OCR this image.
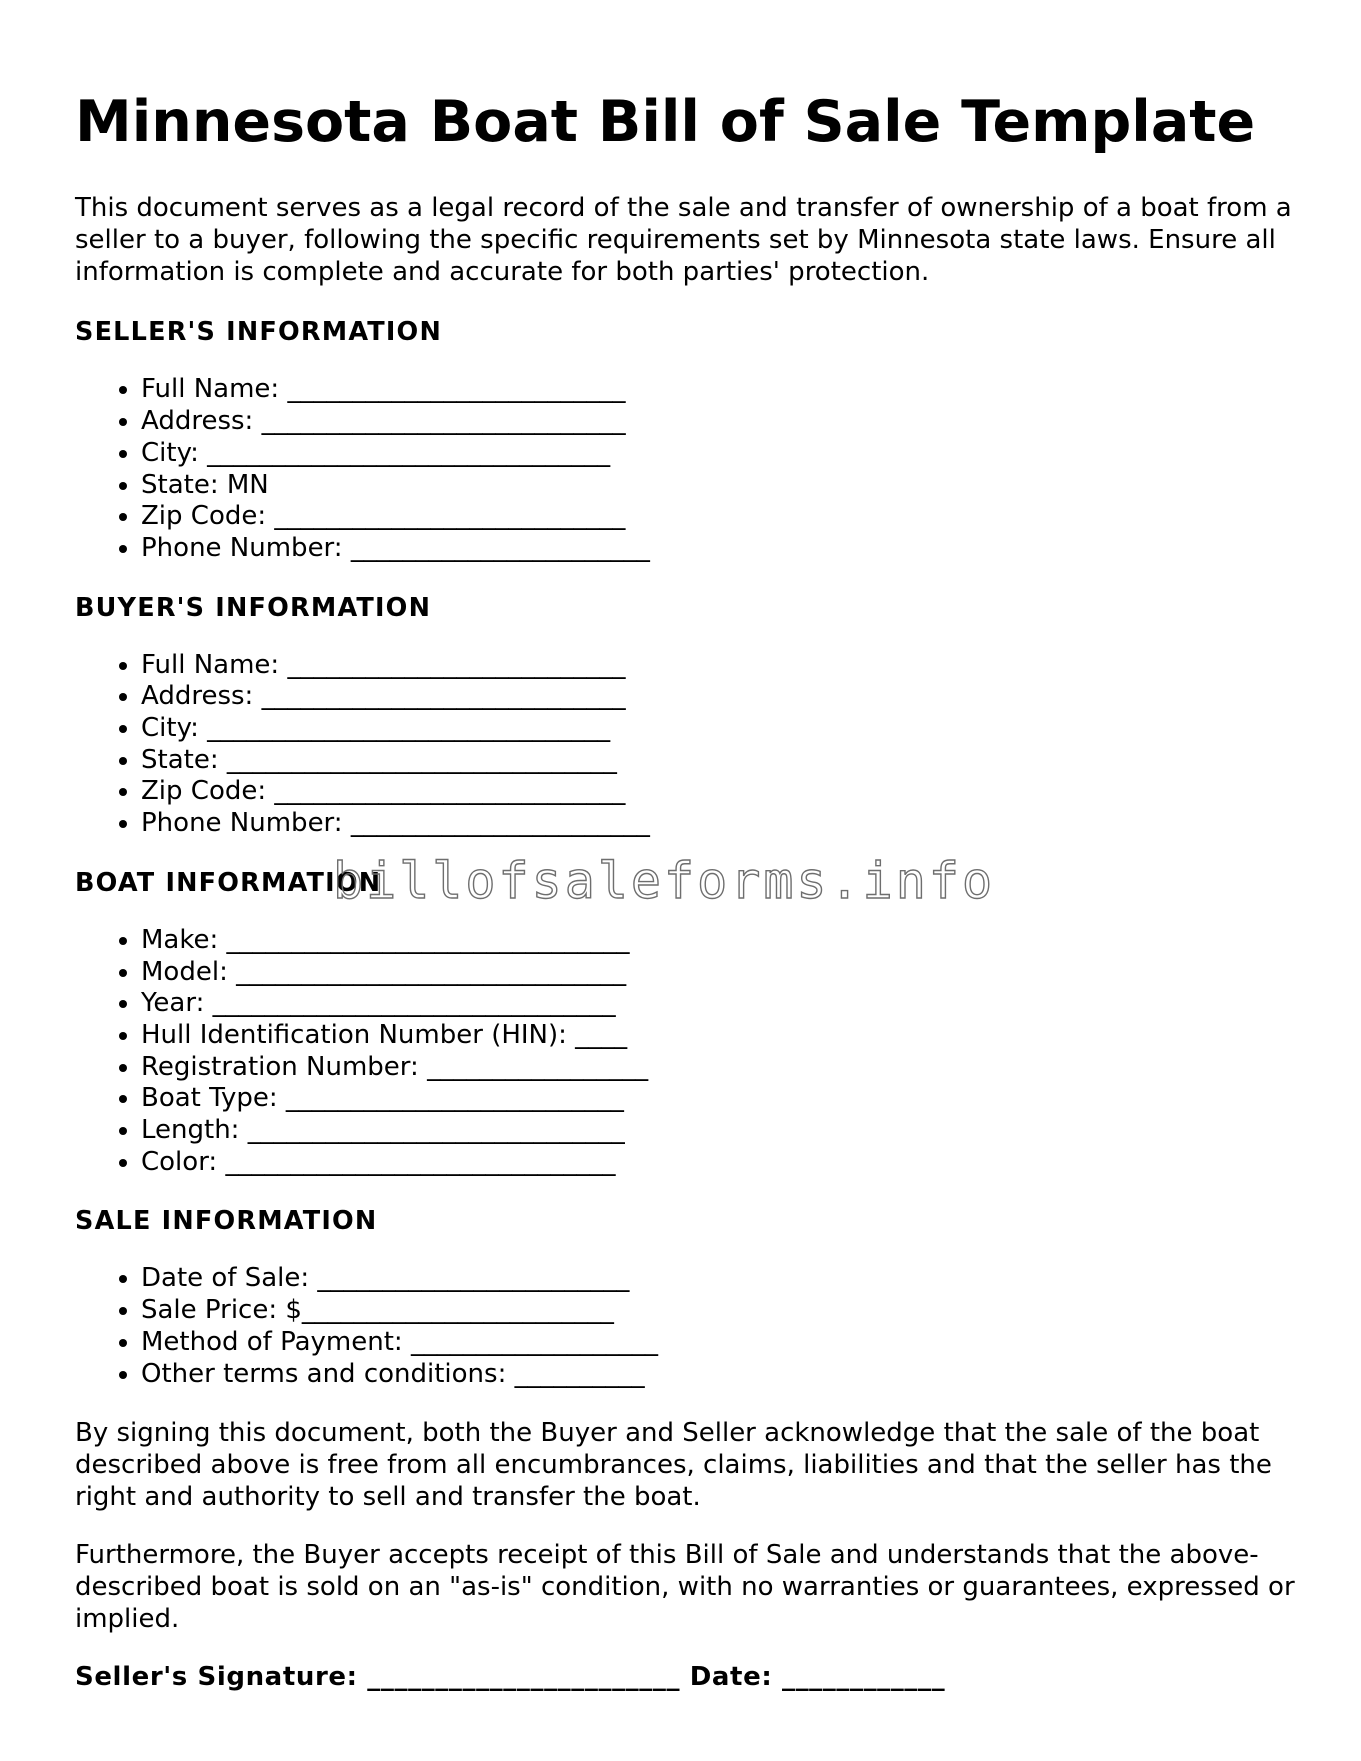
Minnesota Boat Bill of Sale Template

This document serves as a legal record of the sale and transfer of ownership of a boat from a seller to a buyer, following the specific requirements set by Minnesota state laws. Ensure all information is complete and accurate for both parties' protection.

SELLER'S INFORMATION
• Full Name: __________________________
• Address: ____________________________
• City: _______________________________
• State: MN
• Zip Code: ___________________________
• Phone Number: _______________________
BUYER'S INFORMATION
• Full Name: __________________________
• Address: ____________________________
• City: _______________________________
• State: ______________________________
• Zip Code: ___________________________
• Phone Number: _______________________
BOAT INFORMATION
• Make: _______________________________
• Model: ______________________________
• Year: _______________________________
• Hull Identification Number (HIN): ____
• Registration Number: _________________
• Boat Type: __________________________
• Length: _____________________________
• Color: ______________________________
SALE INFORMATION
• Date of Sale: ________________________
• Sale Price: $________________________
• Method of Payment: ___________________
• Other terms and conditions: __________

By signing this document, both the Buyer and Seller acknowledge that the sale of the boat described above is free from all encumbrances, claims, liabilities and that the seller has the right and authority to sell and transfer the boat.

Furthermore, the Buyer accepts receipt of this Bill of Sale and understands that the above-described boat is sold on an "as-is" condition, with no warranties or guarantees, expressed or implied.

Seller's Signature: _______________________ Date: ____________

billofsaleforms.info
